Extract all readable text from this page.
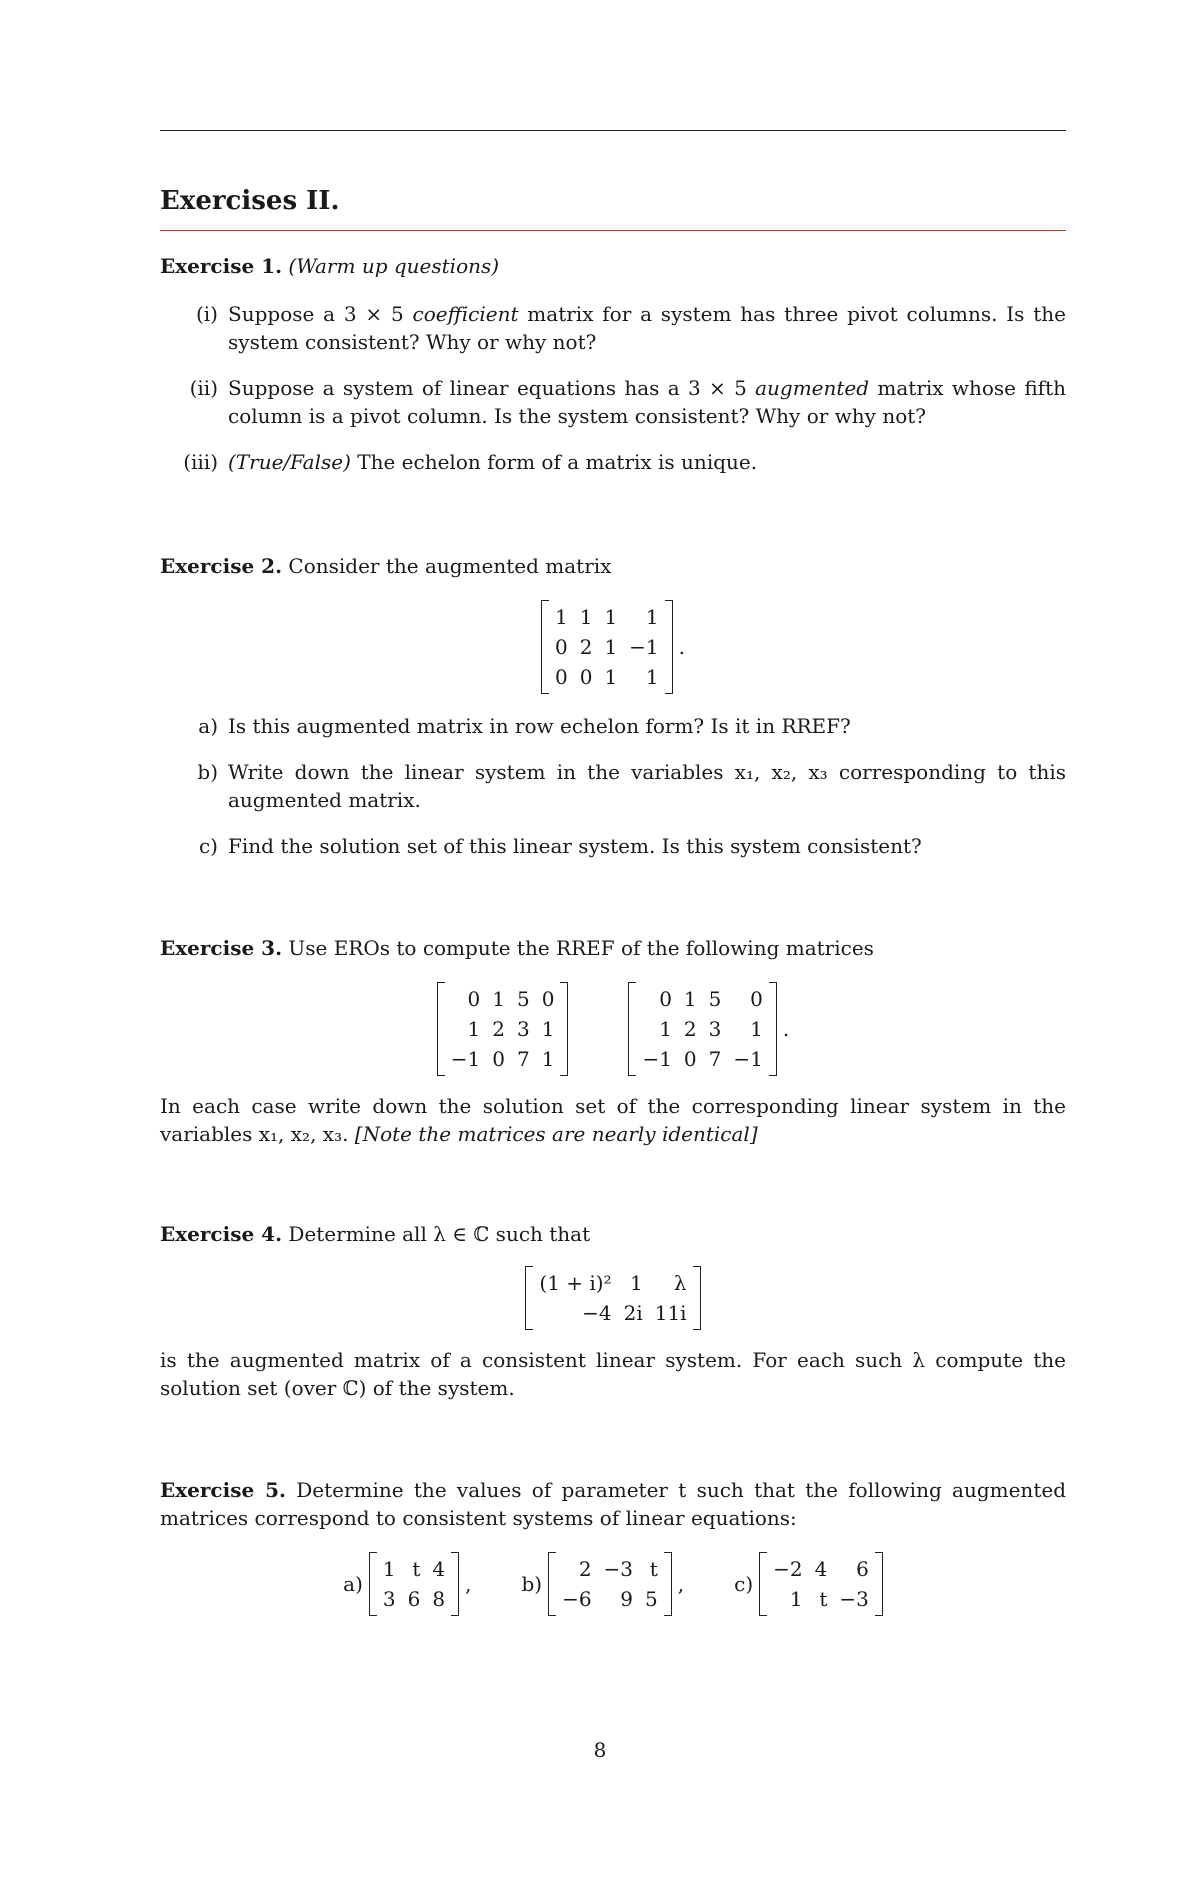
Exercises II.
Exercise 1. (Warm up questions)
(i) Suppose a 3 × 5 coefficient matrix for a system has three pivot columns. Is the system consistent? Why or why not?
(ii) Suppose a system of linear equations has a 3 × 5 augmented matrix whose fifth column is a pivot column. Is the system consistent? Why or why not?
(iii) (True/False) The echelon form of a matrix is unique.
Exercise 2. Consider the augmented matrix
1 1 1	1
0 2 1 −1
0 0 1	1
.
a) Is this augmented matrix in row echelon form? Is it in RREF?
b) Write down the linear system in the variables x₁, x₂, x₃ corresponding to this augmented matrix.
c) Find the solution set of this linear system. Is this system consistent?
Exercise 3. Use EROs to compute the RREF of the following matrices
0 1 5 0
1 2 3 1
−1 0 7 1
0 1 5	0
1 2 3	1
−1 0 7 −1
.
In each case write down the solution set of the corresponding linear system in the variables x₁, x₂, x₃. [Note the matrices are nearly identical]
Exercise 4. Determine all λ ∈ ℂ such that
(1 + i)² 1	λ
−4 2i 11i
is the augmented matrix of a consistent linear system. For each such λ compute the solution set (over ℂ) of the system.
Exercise 5. Determine the values of parameter t such that the following augmented matrices correspond to consistent systems of linear equations:
a)
1 t 4
3 6 8
,	b)
2 −3 t
−6	9 5
,	c)
−2 4	6
1 t −3
8
